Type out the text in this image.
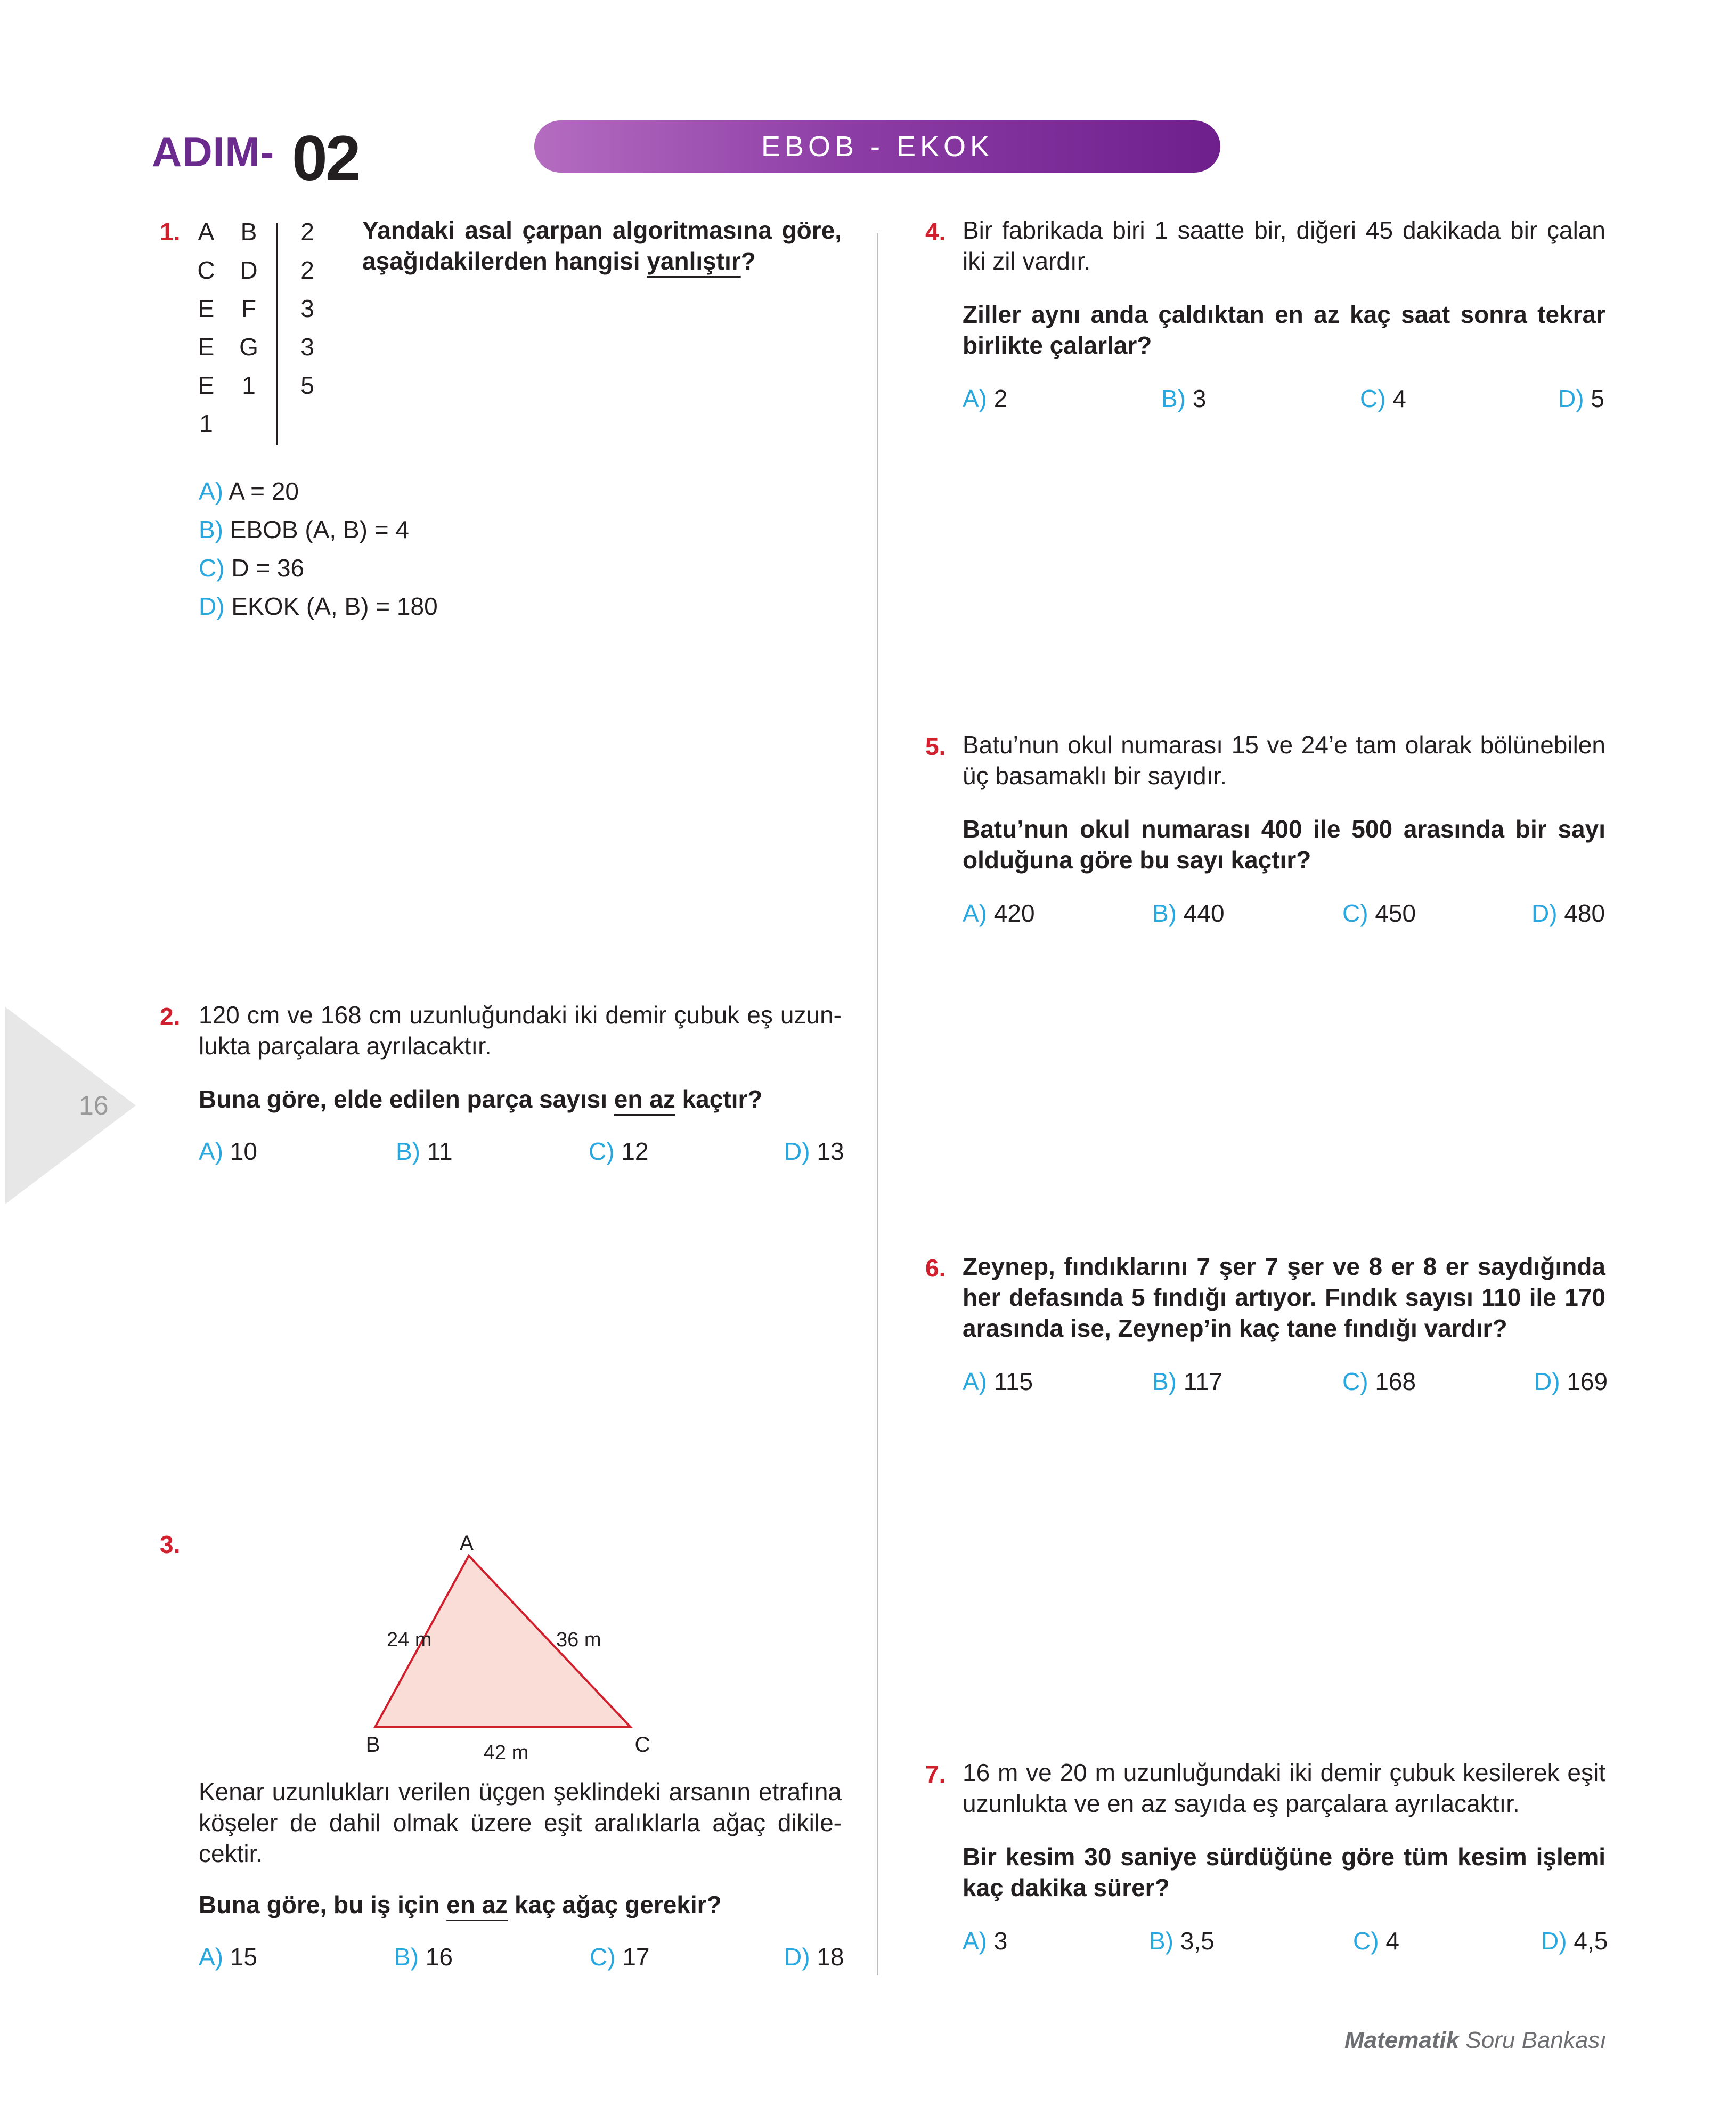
ADIM- 02	EBOB - EKOK
16
1. A	B	2
C D	2
E	F	3
E	G	3
E	1	5
1
Yandaki asal çarpan algoritmasına göre, aşağıdakilerden hangisi yanlıştır?
A) A = 20
B) EBOB (A, B) = 4
C) D = 36
D) EKOK (A, B) = 180
2. 120 cm ve 168 cm uzunluğundaki iki demir çubuk eş uzun-lukta parçalara ayrılacaktır.
Buna göre, elde edilen parça sayısı en az kaçtır?
A) 10	B) 11	C) 12	D) 13
3.	A
B	C
24 m	36 m
42 m
Kenar uzunlukları verilen üçgen şeklindeki arsanın etrafına köşeler de dahil olmak üzere eşit aralıklarla ağaç dikile-cektir.
Buna göre, bu iş için en az kaç ağaç gerekir?
A) 15	B) 16	C) 17	D) 18
4. Bir fabrikada biri 1 saatte bir, diğeri 45 dakikada bir çalan iki zil vardır.
Ziller aynı anda çaldıktan en az kaç saat sonra tekrar birlikte çalarlar?
A) 2	B) 3	C) 4	D) 5
5. Batu’nun okul numarası 15 ve 24’e tam olarak bölünebilen üç basamaklı bir sayıdır.
Batu’nun okul numarası 400 ile 500 arasında bir sayı olduğuna göre bu sayı kaçtır?
A) 420	B) 440	C) 450	D) 480
6. Zeynep, fındıklarını 7 şer 7 şer ve 8 er 8 er saydığında her defasında 5 fındığı artıyor. Fındık sayısı 110 ile 170 arasında ise, Zeynep’in kaç tane fındığı vardır?
A) 115	B) 117	C) 168	D) 169
7. 16 m ve 20 m uzunluğundaki iki demir çubuk kesilerek eşit uzunlukta ve en az sayıda eş parçalara ayrılacaktır.
Bir kesim 30 saniye sürdüğüne göre tüm kesim işlemi kaç dakika sürer?
A) 3	B) 3,5	C) 4	D) 4,5
Matematik Soru Bankası
